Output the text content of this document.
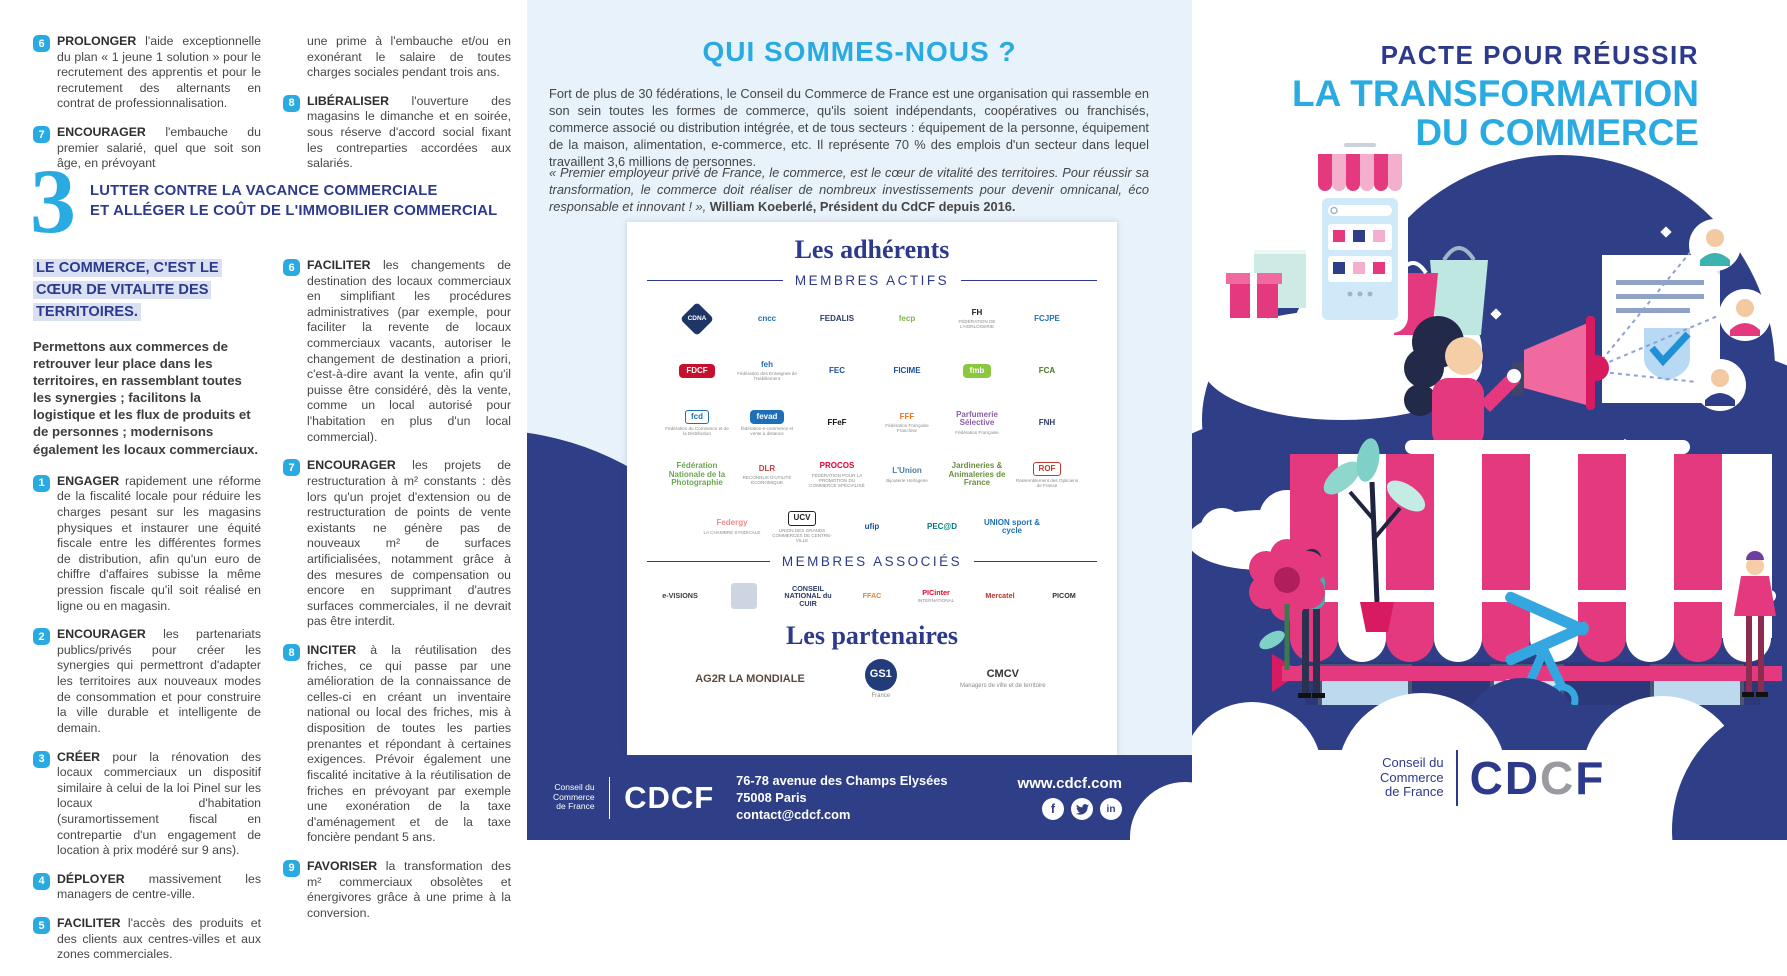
6	PROLONGER l'aide exceptionnelle du plan « 1 jeune 1 solution » pour le recrutement des apprentis et pour le recrutement des alternants en contrat de professionnalisation.

7	ENCOURAGER l'embauche du premier salarié, quel que soit son âge, en prévoyant

une prime à l'embauche et/ou en exonérant le salaire de toutes charges sociales pendant trois ans.

8	LIBÉRALISER l'ouverture des magasins le dimanche et en soirée, sous réserve d'accord social fixant les contreparties accordées aux salariés.

3 LUTTER CONTRE LA VACANCE COMMERCIALE
ET ALLÉGER LE COÛT DE L'IMMOBILIER COMMERCIAL

LE COMMERCE, C'EST LE CŒUR DE VITALITE DES TERRITOIRES.

Permettons aux commerces de retrouver leur place dans les territoires, en rassemblant toutes les synergies ; facilitons la logistique et les flux de produits et de personnes ; modernisons également les locaux commerciaux.

1	ENGAGER rapidement une réforme de la fiscalité locale pour réduire les charges pesant sur les magasins physiques et instaurer une équité fiscale entre les différentes formes de distribution, afin qu'un euro de chiffre d'affaires subisse la même pression fiscale qu'il soit réalisé en ligne ou en magasin.

2	ENCOURAGER les partenariats publics/privés pour créer les synergies qui permettront d'adapter les territoires aux nouveaux modes de consommation et pour construire la ville durable et intelligente de demain.

3	CRÉER pour la rénovation des locaux commerciaux un dispositif similaire à celui de la loi Pinel sur les locaux d'habitation (suramortissement fiscal en contrepartie d'un engagement de location à prix modéré sur 9 ans).

4	DÉPLOYER massivement les managers de centre-ville.

5	FACILITER l'accès des produits et des clients aux centres-villes et aux zones commerciales.

6	FACILITER les changements de destination des locaux commerciaux en simplifiant les procédures administratives (par exemple, pour faciliter la revente de locaux commerciaux vacants, autoriser le changement de destination a priori, c'est-à-dire avant la vente, afin qu'il puisse être considéré, dès la vente, comme un local autorisé pour l'habitation en plus d'un local commercial).

7	ENCOURAGER les projets de restructuration à m² constants : dès lors qu'un projet d'extension ou de restructuration de points de vente existants ne génère pas de nouveaux m² de surfaces artificialisées, notamment grâce à des mesures de compensation ou encore en supprimant d'autres surfaces commerciales, il ne devrait pas être interdit.

8	INCITER à la réutilisation des friches, ce qui passe par une amélioration de la connaissance de celles-ci en créant un inventaire national ou local des friches, mis à disposition de toutes les parties prenantes et répondant à certaines exigences. Prévoir également une fiscalité incitative à la réutilisation de friches en prévoyant par exemple une exonération de la taxe d'aménagement et de la taxe foncière pendant 5 ans.

9	FAVORISER la transformation des m² commerciaux obsolètes et énergivores grâce à une prime à la conversion.

QUI SOMMES-NOUS ?

Fort de plus de 30 fédérations, le Conseil du Commerce de France est une organisation qui rassemble en son sein toutes les formes de commerce, qu'ils soient indépendants, coopératives ou franchisés, commerce associé ou distribution intégrée, et de tous secteurs : équipement de la personne, équipement de la maison, alimentation, e-commerce, etc. Il représente 70 % des emplois d'un secteur dans lequel travaillent 3,6 millions de personnes.

« Premier employeur privé de France, le commerce, est le cœur de vitalité des territoires. Pour réussir sa transformation, le commerce doit réaliser de nombreux investissements pour devenir omnicanal, éco responsable et innovant ! », William Koeberlé, Président du CdCF depuis 2016.

Les adhérents
MEMBRES ACTIFS
CDNA	cncc	FEDALIS	fecp
FH
FÉDÉRATION DE L'HORLOGERIE
FCJPE
FDCF
feh
Fédération des Enseignes de l'Habillement
FEC	FICIME	fmb	FCA
fcd
Fédération du Commerce et de la Distribution
fevad
fédération e-commerce et vente à distance
FFeF
FFF
Fédération Française Franchise
Parfumerie Sélective
Fédération Française
FNH
Fédération Nationale de la Photographie
DLR
RECONNUS D'UTILITÉ ÉCONOMIQUE
PROCOS
FÉDÉRATION POUR LA PROMOTION DU COMMERCE SPÉCIALISÉ
L'Union
Bijouterie Horlogerie
Jardineries & Animaleries de France
ROF
Rassemblement des Opticiens de France
Federgy
LA CHAMBRE SYNDICALE
UCV
UNION DES GRANDS COMMERCES DE CENTRE-VILLE
ufip	PEC@D	UNION sport & cycle
MEMBRES ASSOCIÉS
e-VISIONS
CONSEIL NATIONAL du CUIR
FFAC	PICinter
INTERNATIONAL
Mercatel	PICOM
Les partenaires
AG2R LA MONDIALE	GS1
France
CMCV
Managers de ville et de territoire
Conseil du
Commerce
de France CDCF 76-78 avenue des Champs Elysées
75008 Paris
contact@cdcf.com
www.cdcf.com
f	in
PACTE POUR RÉUSSIR
LA TRANSFORMATION
DU COMMERCE
Conseil du
Commerce
de France CDCF
